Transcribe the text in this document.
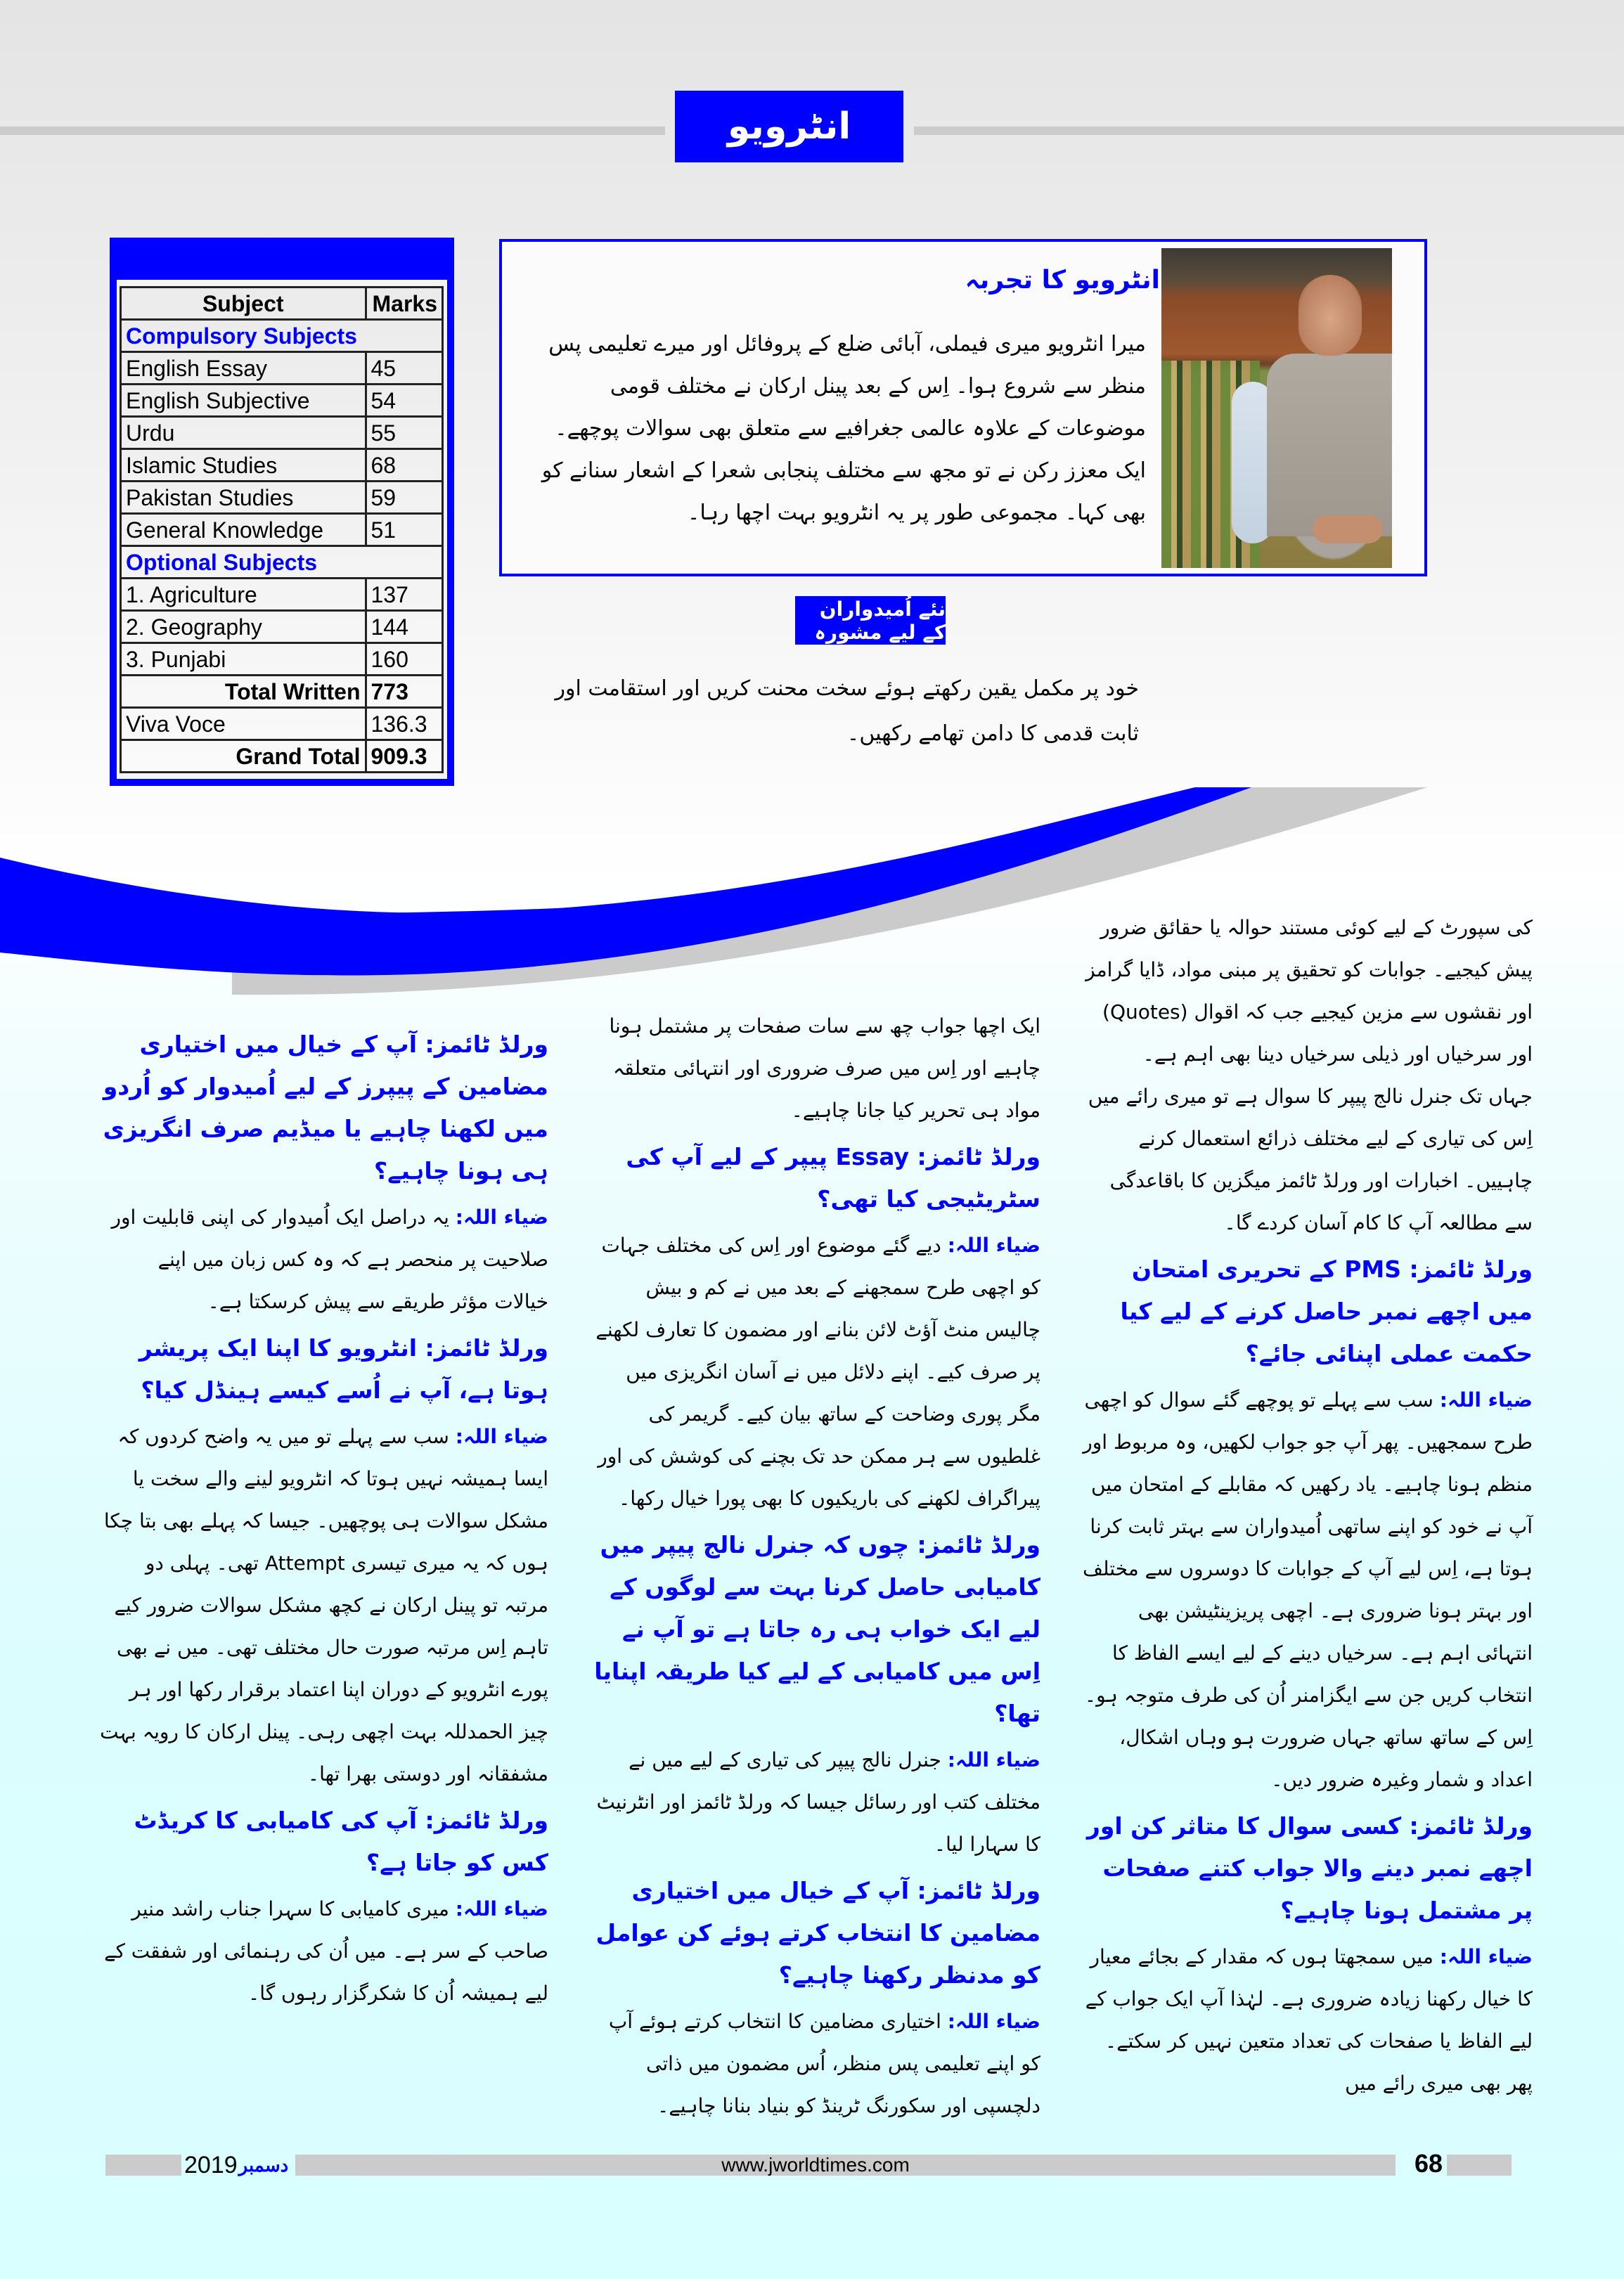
انٹرویو
Subject	Marks
Compulsory Subjects	
English Essay	45
English Subjective	54
Urdu	55
Islamic Studies	68
Pakistan Studies	59
General Knowledge	51
Optional Subjects	
1. Agriculture	137
2. Geography	144
3. Punjabi	160
Total Written	773
Viva Voce	136.3
Grand Total	909.3
انٹرویو کا تجربہ
میرا انٹرویو میری فیملی، آبائی ضلع کے پروفائل اور میرے تعلیمی پس منظر سے شروع ہوا۔ اِس کے بعد پینل ارکان نے مختلف قومی موضوعات کے علاوہ عالمی جغرافیے سے متعلق بھی سوالات پوچھے۔ ایک معزز رکن نے تو مجھ سے مختلف پنجابی شعرا کے اشعار سنانے کو بھی کہا۔ مجموعی طور پر یہ انٹرویو بہت اچھا رہا۔
نئے اُمیدواران کے لیے مشورہ
خود پر مکمل یقین رکھتے ہوئے سخت محنت کریں اور استقامت اور ثابت قدمی کا دامن تھامے رکھیں۔

کی سپورٹ کے لیے کوئی مستند حوالہ یا حقائق ضرور پیش کیجیے۔ جوابات کو تحقیق پر مبنی مواد، ڈایا گرامز اور نقشوں سے مزین کیجیے جب کہ اقوال (Quotes) اور سرخیاں اور ذیلی سرخیاں دینا بھی اہم ہے۔

جہاں تک جنرل نالج پیپر کا سوال ہے تو میری رائے میں اِس کی تیاری کے لیے مختلف ذرائع استعمال کرنے چاہییں۔ اخبارات اور ورلڈ ٹائمز میگزین کا باقاعدگی سے مطالعہ آپ کا کام آسان کردے گا۔

ورلڈ ٹائمز: PMS کے تحریری امتحان میں اچھے نمبر حاصل کرنے کے لیے کیا حکمت عملی اپنائی جائے؟

ضیاء اللہ: سب سے پہلے تو پوچھے گئے سوال کو اچھی طرح سمجھیں۔ پھر آپ جو جواب لکھیں، وہ مربوط اور منظم ہونا چاہیے۔ یاد رکھیں کہ مقابلے کے امتحان میں آپ نے خود کو اپنے ساتھی اُمیدواران سے بہتر ثابت کرنا ہوتا ہے، اِس لیے آپ کے جوابات کا دوسروں سے مختلف اور بہتر ہونا ضروری ہے۔ اچھی پریزینٹیشن بھی انتہائی اہم ہے۔ سرخیاں دینے کے لیے ایسے الفاظ کا انتخاب کریں جن سے ایگزامنر اُن کی طرف متوجہ ہو۔ اِس کے ساتھ ساتھ جہاں ضرورت ہو وہاں اشکال، اعداد و شمار وغیرہ ضرور دیں۔

ورلڈ ٹائمز: کسی سوال کا متاثر کن اور اچھے نمبر دینے والا جواب کتنے صفحات پر مشتمل ہونا چاہیے؟

ضیاء اللہ: میں سمجھتا ہوں کہ مقدار کے بجائے معیار کا خیال رکھنا زیادہ ضروری ہے۔ لہٰذا آپ ایک جواب کے لیے الفاظ یا صفحات کی تعداد متعین نہیں کر سکتے۔ پھر بھی میری رائے میں

ایک اچھا جواب چھ سے سات صفحات پر مشتمل ہونا چاہیے اور اِس میں صرف ضروری اور انتہائی متعلقہ مواد ہی تحریر کیا جانا چاہیے۔

ورلڈ ٹائمز: Essay پیپر کے لیے آپ کی سٹریٹیجی کیا تھی؟

ضیاء اللہ: دیے گئے موضوع اور اِس کی مختلف جہات کو اچھی طرح سمجھنے کے بعد میں نے کم و بیش چالیس منٹ آؤٹ لائن بنانے اور مضمون کا تعارف لکھنے پر صرف کیے۔ اپنے دلائل میں نے آسان انگریزی میں مگر پوری وضاحت کے ساتھ بیان کیے۔ گریمر کی غلطیوں سے ہر ممکن حد تک بچنے کی کوشش کی اور پیراگراف لکھنے کی باریکیوں کا بھی پورا خیال رکھا۔

ورلڈ ٹائمز: چوں کہ جنرل نالج پیپر میں کامیابی حاصل کرنا بہت سے لوگوں کے لیے ایک خواب ہی رہ جاتا ہے تو آپ نے اِس میں کامیابی کے لیے کیا طریقہ اپنایا تھا؟

ضیاء اللہ: جنرل نالج پیپر کی تیاری کے لیے میں نے مختلف کتب اور رسائل جیسا کہ ورلڈ ٹائمز اور انٹرنیٹ کا سہارا لیا۔

ورلڈ ٹائمز: آپ کے خیال میں اختیاری مضامین کا انتخاب کرتے ہوئے کن عوامل کو مدنظر رکھنا چاہیے؟

ضیاء اللہ: اختیاری مضامین کا انتخاب کرتے ہوئے آپ کو اپنے تعلیمی پس منظر، اُس مضمون میں ذاتی دلچسپی اور سکورنگ ٹرینڈ کو بنیاد بنانا چاہیے۔

ورلڈ ٹائمز: آپ کے خیال میں اختیاری مضامین کے پیپرز کے لیے اُمیدوار کو اُردو میں لکھنا چاہیے یا میڈیم صرف انگریزی ہی ہونا چاہیے؟

ضیاء اللہ: یہ دراصل ایک اُمیدوار کی اپنی قابلیت اور صلاحیت پر منحصر ہے کہ وہ کس زبان میں اپنے خیالات مؤثر طریقے سے پیش کرسکتا ہے۔

ورلڈ ٹائمز: انٹرویو کا اپنا ایک پریشر ہوتا ہے، آپ نے اُسے کیسے ہینڈل کیا؟

ضیاء اللہ: سب سے پہلے تو میں یہ واضح کردوں کہ ایسا ہمیشہ نہیں ہوتا کہ انٹرویو لینے والے سخت یا مشکل سوالات ہی پوچھیں۔ جیسا کہ پہلے بھی بتا چکا ہوں کہ یہ میری تیسری Attempt تھی۔ پہلی دو مرتبہ تو پینل ارکان نے کچھ مشکل سوالات ضرور کیے تاہم اِس مرتبہ صورت حال مختلف تھی۔ میں نے بھی پورے انٹرویو کے دوران اپنا اعتماد برقرار رکھا اور ہر چیز الحمدللہ بہت اچھی رہی۔ پینل ارکان کا رویہ بہت مشفقانہ اور دوستی بھرا تھا۔

ورلڈ ٹائمز: آپ کی کامیابی کا کریڈٹ کس کو جاتا ہے؟

ضیاء اللہ: میری کامیابی کا سہرا جناب راشد منیر صاحب کے سر ہے۔ میں اُن کی رہنمائی اور شفقت کے لیے ہمیشہ اُن کا شکرگزار رہوں گا۔

2019 دسمبر	www.jworldtimes.com	68
